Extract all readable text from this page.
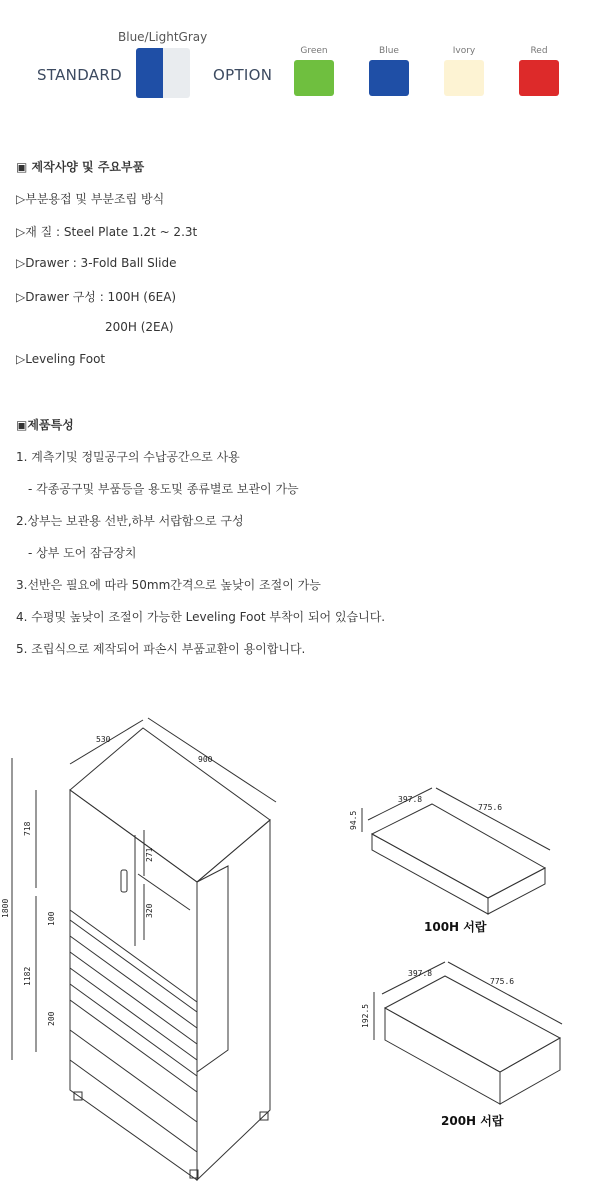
Blue/LightGray
STANDARD	OPTION
Green	Blue	Ivory	Red
▣ 제작사양 및 주요부품
▷부분용접 및 부분조립 방식
▷재 질 : Steel Plate 1.2t ~ 2.3t
▷Drawer : 3-Fold Ball Slide
▷Drawer 구성 : 100H (6EA)
200H (2EA)
▷Leveling Foot
▣제품특성
1. 계측기및 정밀공구의 수납공간으로 사용
- 각종공구및 부품등을 용도및 종류별로 보관이 가능
2.상부는 보관용 선반,하부 서랍함으로 구성
- 상부 도어 잠금장치
3.선반은 필요에 따라 50mm간격으로 높낮이 조절이 가능
4. 수평및 높낮이 조절이 가능한 Leveling Foot 부착이 되어 있습니다.
5. 조립식으로 제작되어 파손시 부품교환이 용이합니다.
530
900
1800
718
1182
271
320
100
200
397.8
775.6
94.5
397.8
775.6
192.5
100H 서랍
200H 서랍
